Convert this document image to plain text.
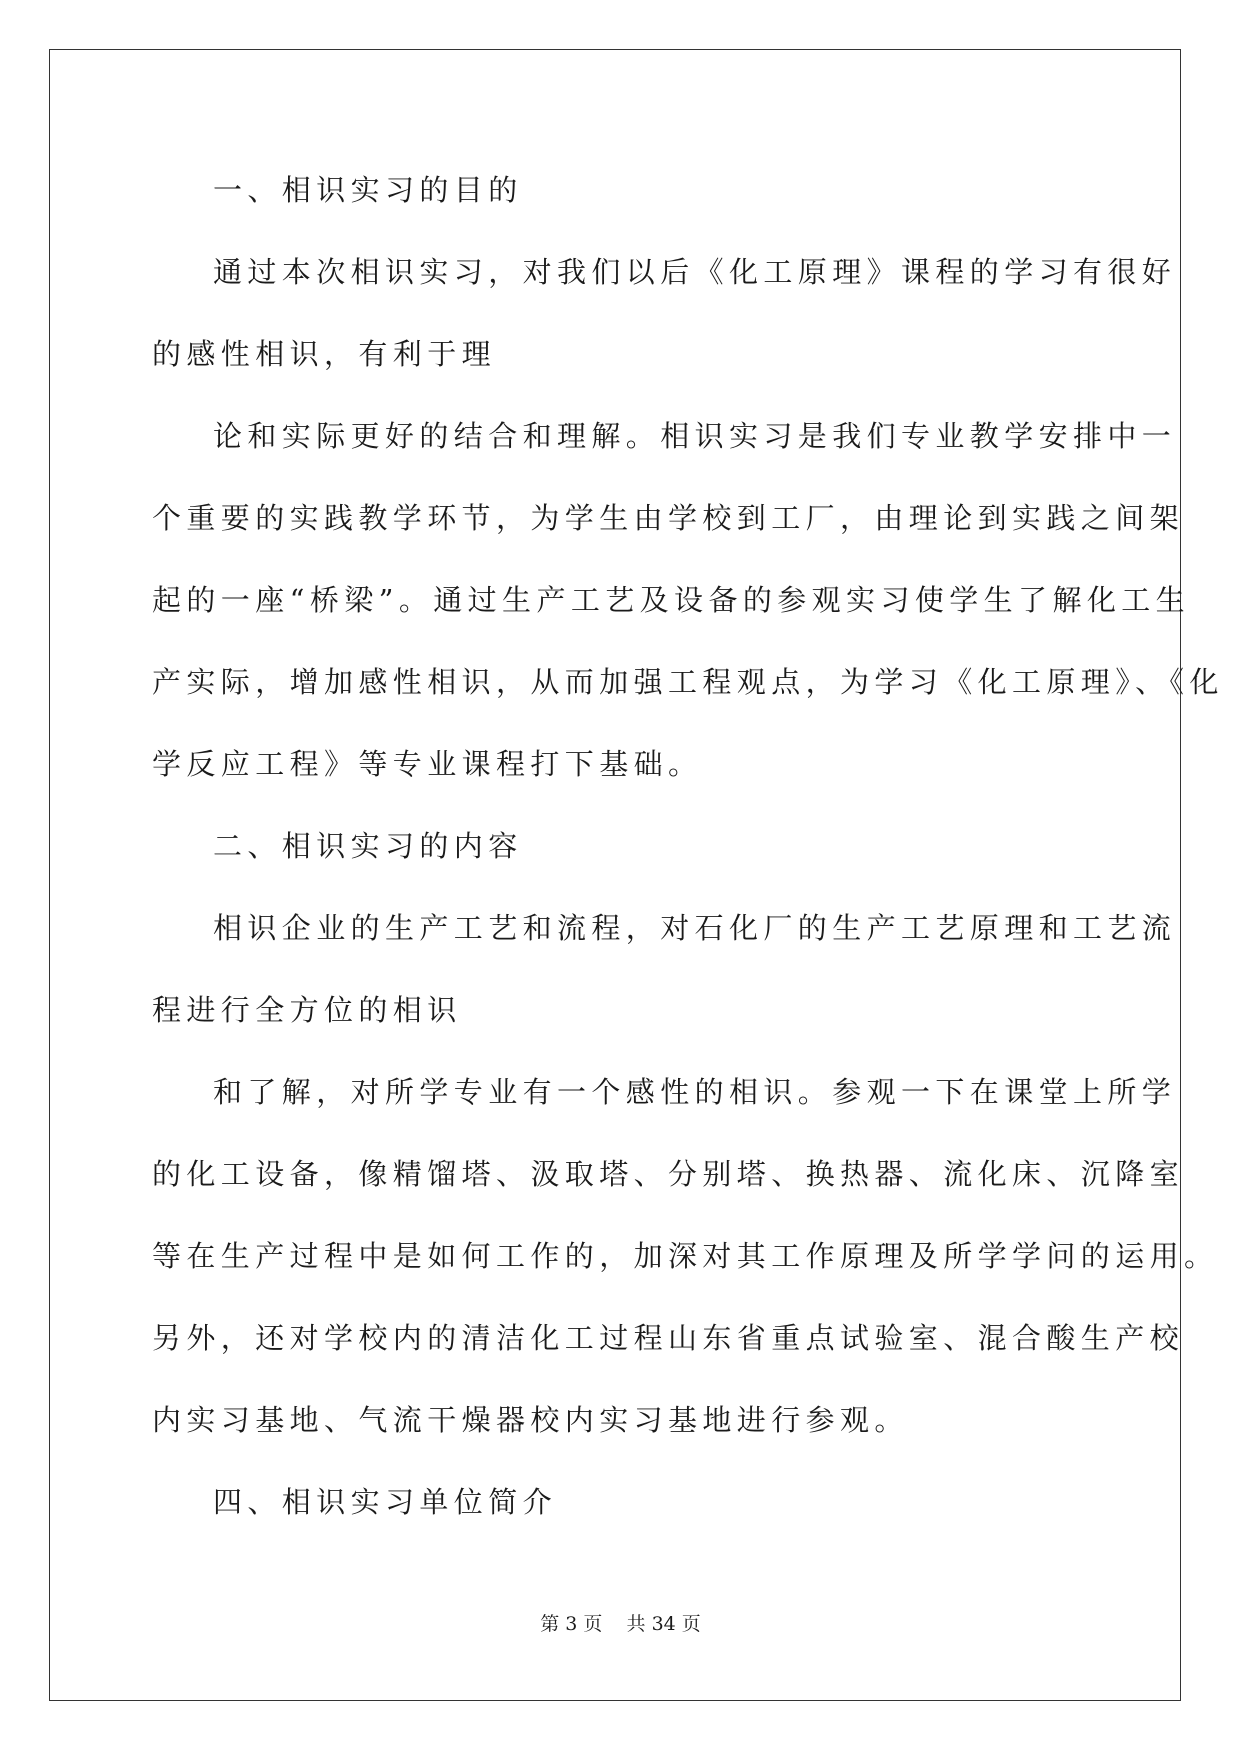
一、相识实习的目的

通过本次相识实习，对我们以后《化工原理》课程的学习有很好

的感性相识，有利于理

论和实际更好的结合和理解。相识实习是我们专业教学安排中一

个重要的实践教学环节，为学生由学校到工厂，由理论到实践之间架

起的一座“桥梁”。通过生产工艺及设备的参观实习使学生了解化工生

产实际，增加感性相识，从而加强工程观点，为学习《化工原理》、《化

学反应工程》等专业课程打下基础。

二、相识实习的内容

相识企业的生产工艺和流程，对石化厂的生产工艺原理和工艺流

程进行全方位的相识

和了解，对所学专业有一个感性的相识。参观一下在课堂上所学

的化工设备，像精馏塔、汲取塔、分别塔、换热器、流化床、沉降室

等在生产过程中是如何工作的，加深对其工作原理及所学学问的运用。

另外，还对学校内的清洁化工过程山东省重点试验室、混合酸生产校

内实习基地、气流干燥器校内实习基地进行参观。

四、相识实习单位简介

第 3 页    共 34 页
